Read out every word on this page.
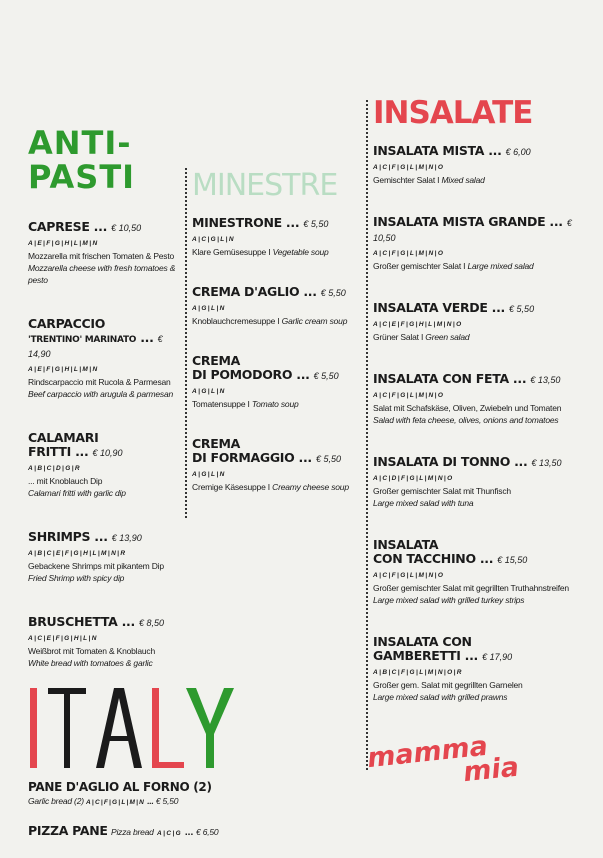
ANTI-
PASTI
CAPRESE ... € 10,50
A|E|F|G|H|L|M|N
Mozzarella mit frischen Tomaten & Pesto
Mozzarella cheese with fresh tomatoes & pesto
CARPACCIO
'TRENTINO' MARINATO ... € 14,90
A|E|F|G|H|L|M|N
Rindscarpaccio mit Rucola & Parmesan
Beef carpaccio with arugula & parmesan
CALAMARI
FRITTI ... € 10,90
A|B|C|D|G|R
... mit Knoblauch Dip
Calamari fritti with garlic dip
SHRIMPS ... € 13,90
A|B|C|E|F|G|H|L|M|N|R
Gebackene Shrimps mit pikantem Dip
Fried Shrimp with spicy dip
BRUSCHETTA ... € 8,50
A|C|E|F|G|H|L|N
Weißbrot mit Tomaten & Knoblauch
White bread with tomatoes & garlic
MINESTRE
MINESTRONE ... € 5,50
A|C|G|L|N
Klare Gemüsesuppe I Vegetable soup
CREMA D'AGLIO ... € 5,50
A|G|L|N
Knoblauchcremesuppe I Garlic cream soup
CREMA
DI POMODORO ... € 5,50
A|G|L|N
Tomatensuppe I Tomato soup
CREMA
DI FORMAGGIO ... € 5,50
A|G|L|N
Cremige Käsesuppe I Creamy cheese soup
INSALATE
INSALATA MISTA ... € 6,00
A|C|F|G|L|M|N|O
Gemischter Salat I Mixed salad
INSALATA MISTA GRANDE ... € 10,50
A|C|F|G|L|M|N|O
Großer gemischter Salat I Large mixed salad
INSALATA VERDE ... € 5,50
A|C|E|F|G|H|L|M|N|O
Grüner Salat I Green salad
INSALATA CON FETA ... € 13,50
A|C|F|G|L|M|N|O
Salat mit Schafskäse, Oliven, Zwiebeln und Tomaten
Salad with feta cheese, olives, onions and tomatoes
INSALATA DI TONNO ... € 13,50
A|C|D|F|G|L|M|N|O
Großer gemischter Salat mit Thunfisch
Large mixed salad with tuna
INSALATA
CON TACCHINO ... € 15,50
A|C|F|G|L|M|N|O
Großer gemischter Salat mit gegrillten Truthahnstreifen
Large mixed salad with grilled turkey strips
INSALATA CON
GAMBERETTI ... € 17,90
A|B|C|F|G|L|M|N|O|R
Großer gem. Salat mit gegrillten Garnelen
Large mixed salad with grilled prawns
PANE D'AGLIO AL FORNO (2)
Garlic bread (2) A|C|F|G|L|M|N ... € 5,50
PIZZA PANE Pizza bread A|C|G ... € 6,50
mamma
mia
